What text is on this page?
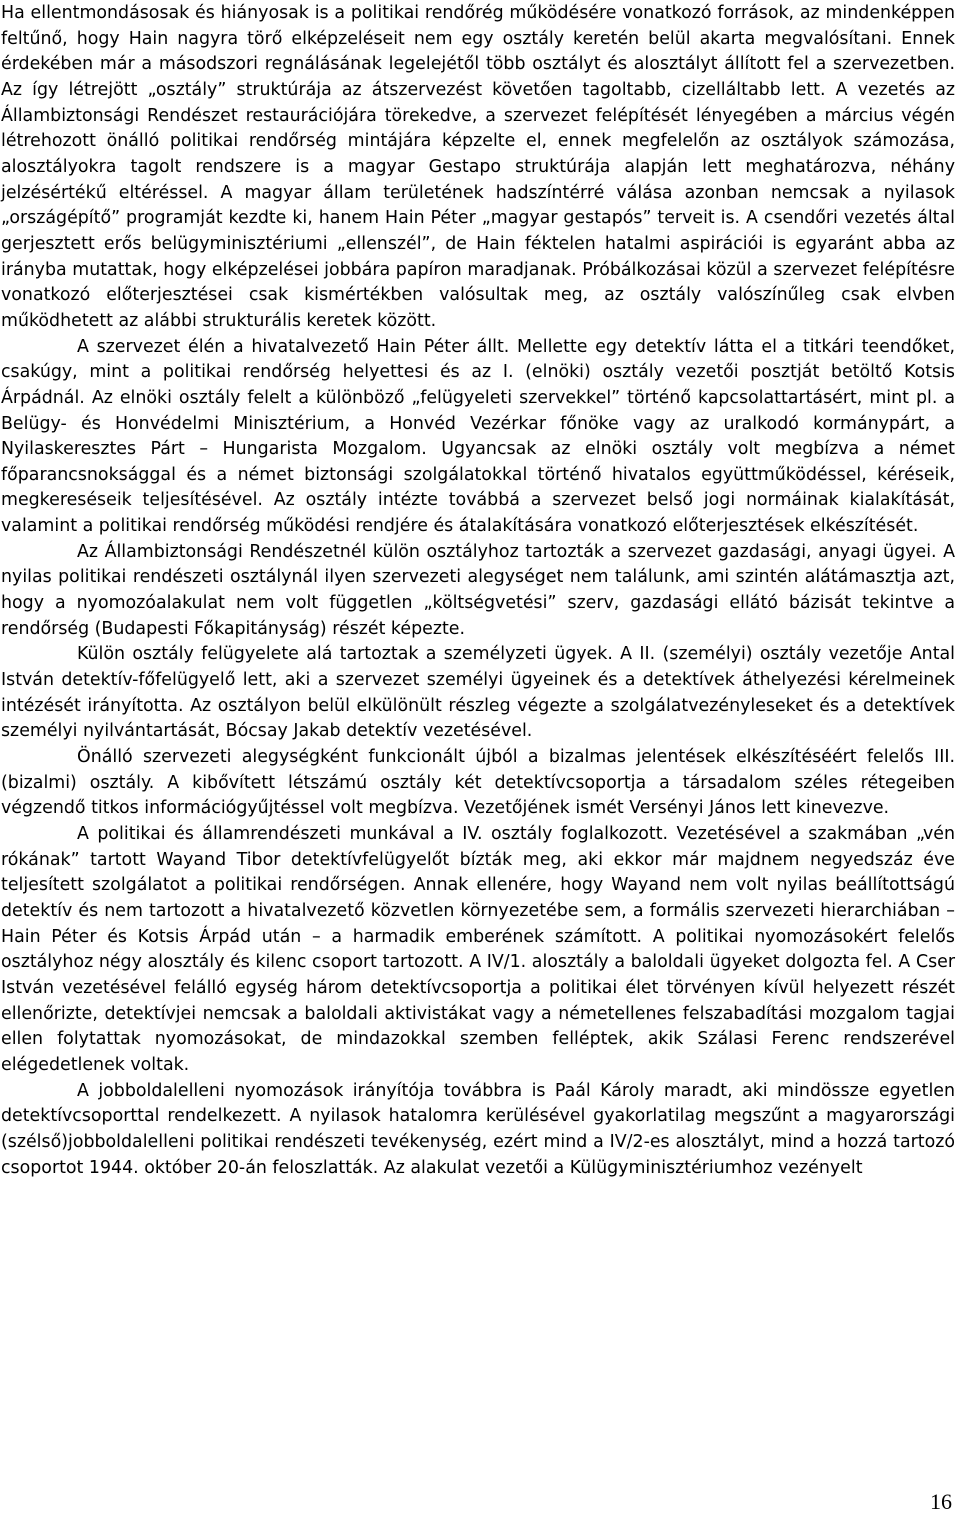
Ha ellentmondásosak és hiányosak is a politikai rendőrég működésére vonatkozó források, az mindenképpen feltűnő, hogy Hain nagyra törő elképzeléseit nem egy osztály keretén belül akarta megvalósítani. Ennek érdekében már a másodszori regnálásának legelejétől több osztályt és alosztályt állított fel a szervezetben. Az így létrejött „osztály” struktúrája az átszervezést követően tagoltabb, cizelláltabb lett. A vezetés az Állambiztonsági Rendészet restaurációjára törekedve, a szervezet felépítését lényegében a március végén létrehozott önálló politikai rendőrség mintájára képzelte el, ennek megfelelőn az osztályok számozása, alosztályokra tagolt rendszere is a magyar Gestapo struktúrája alapján lett meghatározva, néhány jelzésértékű eltéréssel. A magyar állam területének hadszíntérré válása azonban nemcsak a nyilasok „országépítő” programját kezdte ki, hanem Hain Péter „magyar gestapós” terveit is. A csendőri vezetés által gerjesztett erős belügyminisztériumi „ellenszél”, de Hain féktelen hatalmi aspirációi is egyaránt abba az irányba mutattak, hogy elképzelései jobbára papíron maradjanak. Próbálkozásai közül a szervezet felépítésre vonatkozó előterjesztései csak kismértékben valósultak meg, az osztály valószínűleg csak elvben működhetett az alábbi strukturális keretek között.

A szervezet élén a hivatalvezető Hain Péter állt. Mellette egy detektív látta el a titkári teendőket, csakúgy, mint a politikai rendőrség helyettesi és az I. (elnöki) osztály vezetői posztját betöltő Kotsis Árpádnál. Az elnöki osztály felelt a különböző „felügyeleti szervekkel” történő kapcsolattartásért, mint pl. a Belügy- és Honvédelmi Minisztérium, a Honvéd Vezérkar főnöke vagy az uralkodó kormánypárt, a Nyilaskeresztes Párt – Hungarista Mozgalom. Ugyancsak az elnöki osztály volt megbízva a német főparancsnoksággal és a német biztonsági szolgálatokkal történő hivatalos együttműködéssel, kéréseik, megkereséseik teljesítésével. Az osztály intézte továbbá a szervezet belső jogi normáinak kialakítását, valamint a politikai rendőrség működési rendjére és átalakítására vonatkozó előterjesztések elkészítését.

Az Állambiztonsági Rendészetnél külön osztályhoz tartozták a szervezet gazdasági, anyagi ügyei. A nyilas politikai rendészeti osztálynál ilyen szervezeti alegységet nem találunk, ami szintén alátámasztja azt, hogy a nyomozóalakulat nem volt független „költségvetési” szerv, gazdasági ellátó bázisát tekintve a rendőrség (Budapesti Főkapitányság) részét képezte.

Külön osztály felügyelete alá tartoztak a személyzeti ügyek. A II. (személyi) osztály vezetője Antal István detektív-főfelügyelő lett, aki a szervezet személyi ügyeinek és a detektívek áthelyezési kérelmeinek intézését irányította. Az osztályon belül elkülönült részleg végezte a szolgálatvezényleseket és a detektívek személyi nyilvántartását, Bócsay Jakab detektív vezetésével.

Önálló szervezeti alegységként funkcionált újból a bizalmas jelentések elkészítéséért felelős III. (bizalmi) osztály. A kibővített létszámú osztály két detektívcsoportja a társadalom széles rétegeiben végzendő titkos információgyűjtéssel volt megbízva. Vezetőjének ismét Versényi János lett kinevezve.

A politikai és államrendészeti munkával a IV. osztály foglalkozott. Vezetésével a szakmában „vén rókának” tartott Wayand Tibor detektívfelügyelőt bízták meg, aki ekkor már majdnem negyedszáz éve teljesített szolgálatot a politikai rendőrségen. Annak ellenére, hogy Wayand nem volt nyilas beállítottságú detektív és nem tartozott a hivatalvezető közvetlen környezetébe sem, a formális szervezeti hierarchiában – Hain Péter és Kotsis Árpád után – a harmadik emberének számított. A politikai nyomozásokért felelős osztályhoz négy alosztály és kilenc csoport tartozott. A IV/1. alosztály a baloldali ügyeket dolgozta fel. A Cser István vezetésével felálló egység három detektívcsoportja a politikai élet törvényen kívül helyezett részét ellenőrizte, detektívjei nemcsak a baloldali aktivistákat vagy a németellenes felszabadítási mozgalom tagjai ellen folytattak nyomozásokat, de mindazokkal szemben felléptek, akik Szálasi Ferenc rendszerével elégedetlenek voltak.

A jobboldalelleni nyomozások irányítója továbbra is Paál Károly maradt, aki mindössze egyetlen detektívcsoporttal rendelkezett. A nyilasok hatalomra kerülésével gyakorlatilag megszűnt a magyarországi (szélső)jobboldalelleni politikai rendészeti tevékenység, ezért mind a IV/2-es alosztályt, mind a hozzá tartozó csoportot 1944. október 20-án feloszlatták. Az alakulat vezetői a Külügyminisztériumhoz vezényelt

16
